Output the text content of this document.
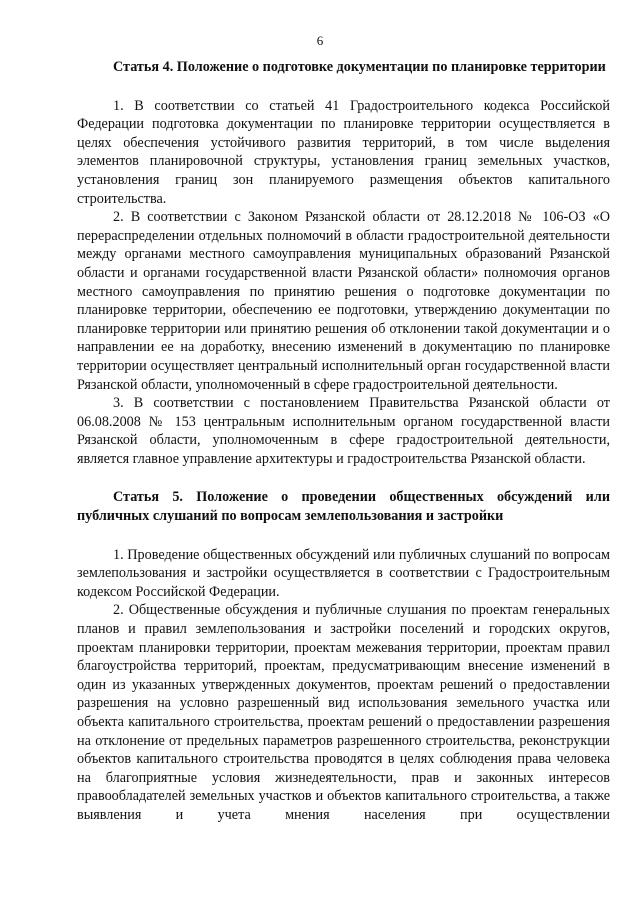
6

Статья 4. Положение о подготовке документации по планировке территории

1. В соответствии со статьей 41 Градостроительного кодекса Российской Федерации подготовка документации по планировке территории осуществляется в целях обеспечения устойчивого развития территорий, в том числе выделения элементов планировочной структуры, установления границ земельных участков, установления границ зон планируемого размещения объектов капитального строительства.

2. В соответствии с Законом Рязанской области от 28.12.2018 № 106-ОЗ «О перераспределении отдельных полномочий в области градостроительной деятельности между органами местного самоуправления муниципальных образований Рязанской области и органами государственной власти Рязанской области» полномочия органов местного самоуправления по принятию решения о подготовке документации по планировке территории, обеспечению ее подготовки, утверждению документации по планировке территории или принятию решения об отклонении такой документации и о направлении ее на доработку, внесению изменений в документацию по планировке территории осуществляет центральный исполнительный орган государственной власти Рязанской области, уполномоченный в сфере градостроительной деятельности.

3. В соответствии с постановлением Правительства Рязанской области от 06.08.2008 № 153 центральным исполнительным органом государственной власти Рязанской области, уполномоченным в сфере градостроительной деятельности, является главное управление архитектуры и градостроительства Рязанской области.

Статья 5. Положение о проведении общественных обсуждений или публичных слушаний по вопросам землепользования и застройки

1. Проведение общественных обсуждений или публичных слушаний по вопросам землепользования и застройки осуществляется в соответствии с Градостроительным кодексом Российской Федерации.

2. Общественные обсуждения и публичные слушания по проектам генеральных планов и правил землепользования и застройки поселений и городских округов, проектам планировки территории, проектам межевания территории, проектам правил благоустройства территорий, проектам, предусматривающим внесение изменений в один из указанных утвержденных документов, проектам решений о предоставлении разрешения на условно разрешенный вид использования земельного участка или объекта капитального строительства, проектам решений о предоставлении разрешения на отклонение от предельных параметров разрешенного строительства, реконструкции объектов капитального строительства проводятся в целях соблюдения права человека на благоприятные условия жизнедеятельности, прав и законных интересов правообладателей земельных участков и объектов капитального строительства, а также выявления и учета мнения населения при осуществлении
